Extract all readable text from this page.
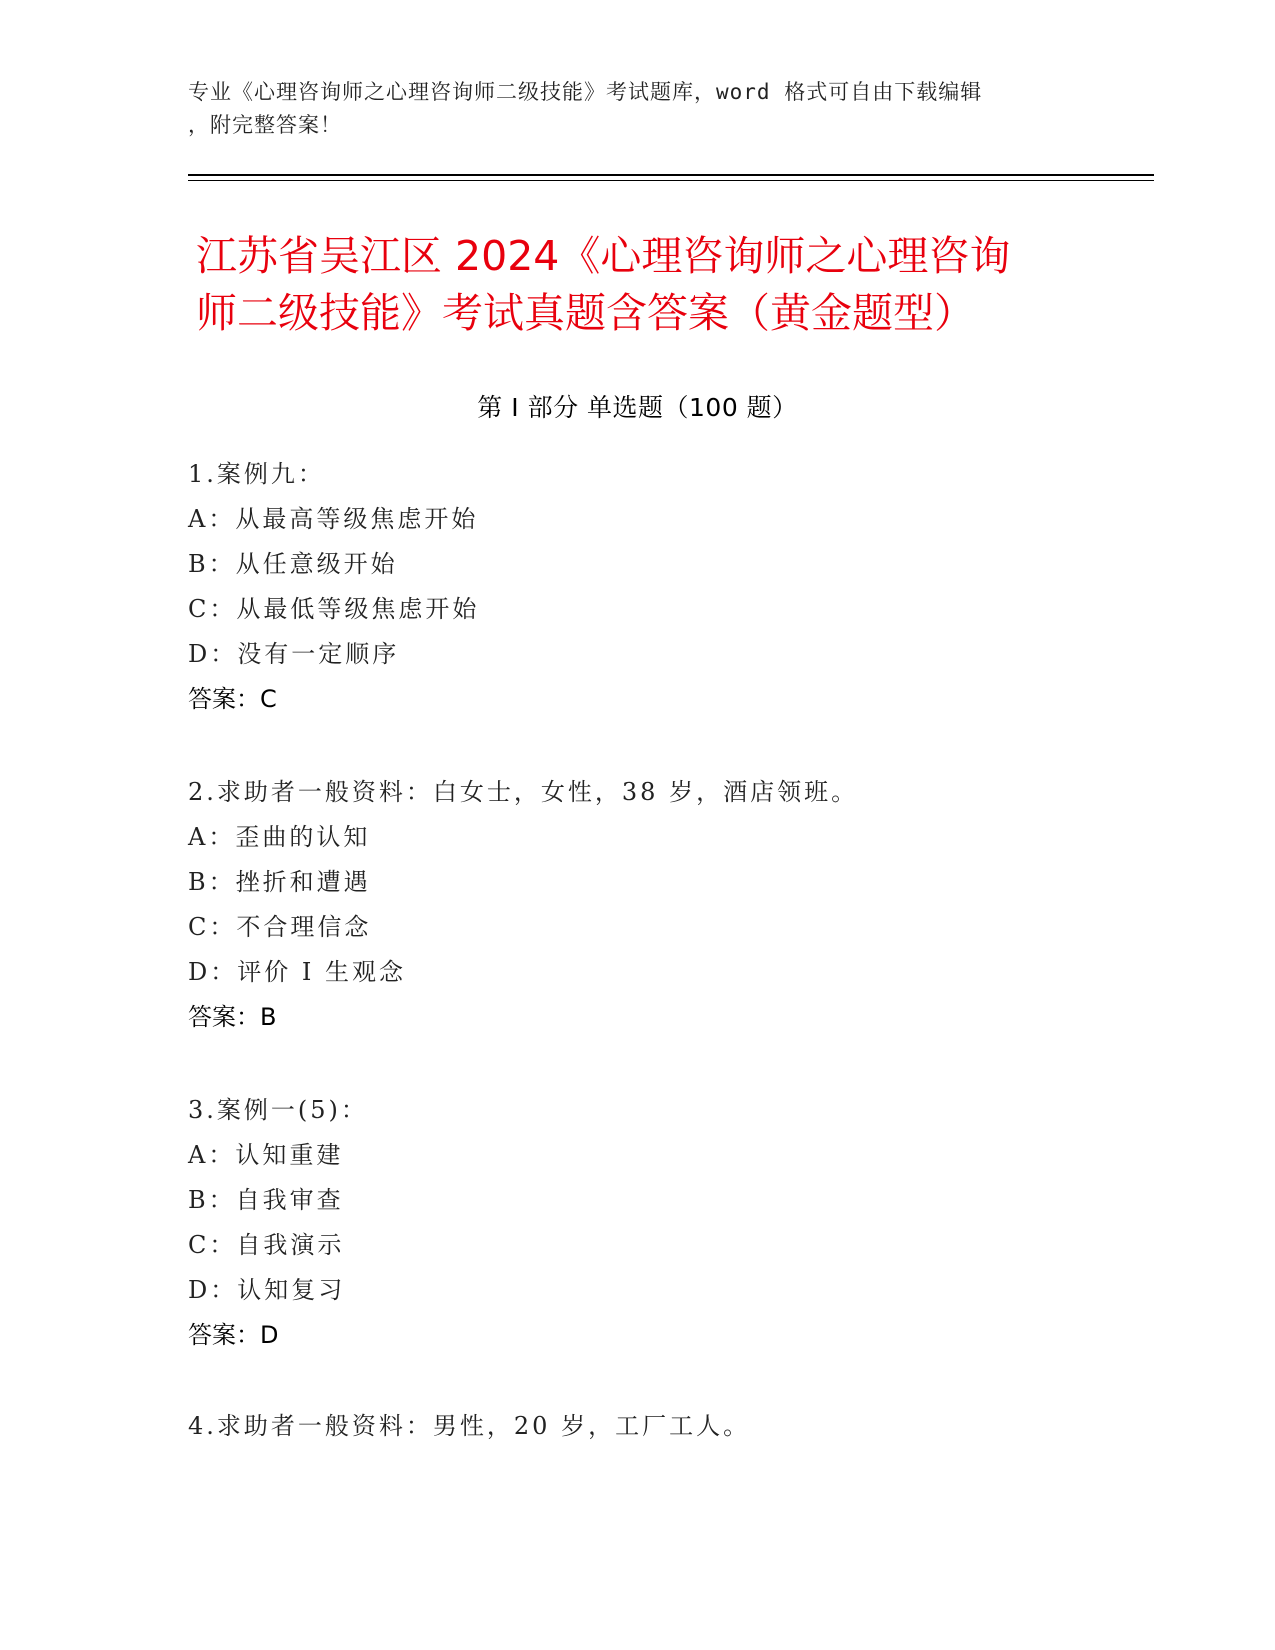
专业《心理咨询师之心理咨询师二级技能》考试题库，word 格式可自由下载编辑
，附完整答案！
江苏省吴江区 2024《心理咨询师之心理咨询
师二级技能》考试真题含答案（黄金题型）
第 I 部分 单选题（100 题）
1.案例九：
A：从最高等级焦虑开始
B：从任意级开始
C：从最低等级焦虑开始
D：没有一定顺序
答案：C
2.求助者一般资料：白女士，女性，38 岁，酒店领班。
A：歪曲的认知
B：挫折和遭遇
C：不合理信念
D：评价 I 生观念
答案：B
3.案例一(5)：
A：认知重建
B：自我审查
C：自我演示
D：认知复习
答案：D
4.求助者一般资料：男性，20 岁，工厂工人。
